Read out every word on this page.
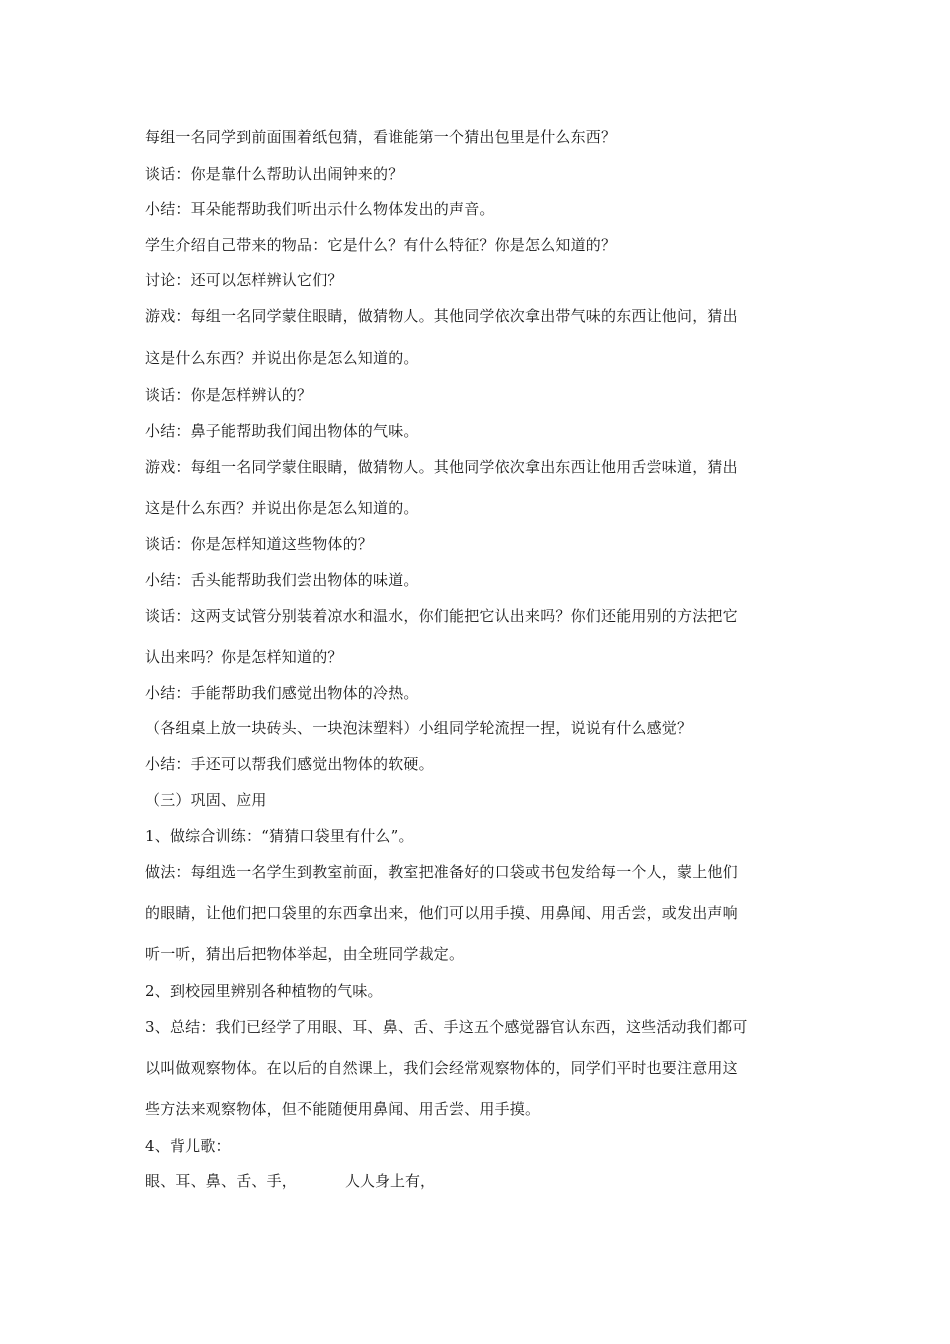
每组一名同学到前面围着纸包猜，看谁能第一个猜出包里是什么东西？
谈话：你是靠什么帮助认出闹钟来的？
小结：耳朵能帮助我们听出示什么物体发出的声音。
学生介绍自己带来的物品：它是什么？有什么特征？你是怎么知道的？
讨论：还可以怎样辨认它们？
游戏：每组一名同学蒙住眼睛，做猜物人。其他同学依次拿出带气味的东西让他问，猜出
这是什么东西？并说出你是怎么知道的。
谈话：你是怎样辨认的？
小结：鼻子能帮助我们闻出物体的气味。
游戏：每组一名同学蒙住眼睛，做猜物人。其他同学依次拿出东西让他用舌尝味道，猜出
这是什么东西？并说出你是怎么知道的。
谈话：你是怎样知道这些物体的？
小结：舌头能帮助我们尝出物体的味道。
谈话：这两支试管分别装着凉水和温水，你们能把它认出来吗？你们还能用别的方法把它
认出来吗？你是怎样知道的？
小结：手能帮助我们感觉出物体的冷热。
（各组桌上放一块砖头、一块泡沫塑料）小组同学轮流捏一捏，说说有什么感觉？
小结：手还可以帮我们感觉出物体的软硬。
（三）巩固、应用
1、做综合训练：“猜猜口袋里有什么”。
做法：每组选一名学生到教室前面，教室把准备好的口袋或书包发给每一个人，蒙上他们
的眼睛，让他们把口袋里的东西拿出来，他们可以用手摸、用鼻闻、用舌尝，或发出声响
听一听，猜出后把物体举起，由全班同学裁定。
2、到校园里辨别各种植物的气味。
3、总结：我们已经学了用眼、耳、鼻、舌、手这五个感觉器官认东西，这些活动我们都可
以叫做观察物体。在以后的自然课上，我们会经常观察物体的，同学们平时也要注意用这
些方法来观察物体，但不能随便用鼻闻、用舌尝、用手摸。
4、背儿歌：
眼、耳、鼻、舌、手，	人人身上有，
